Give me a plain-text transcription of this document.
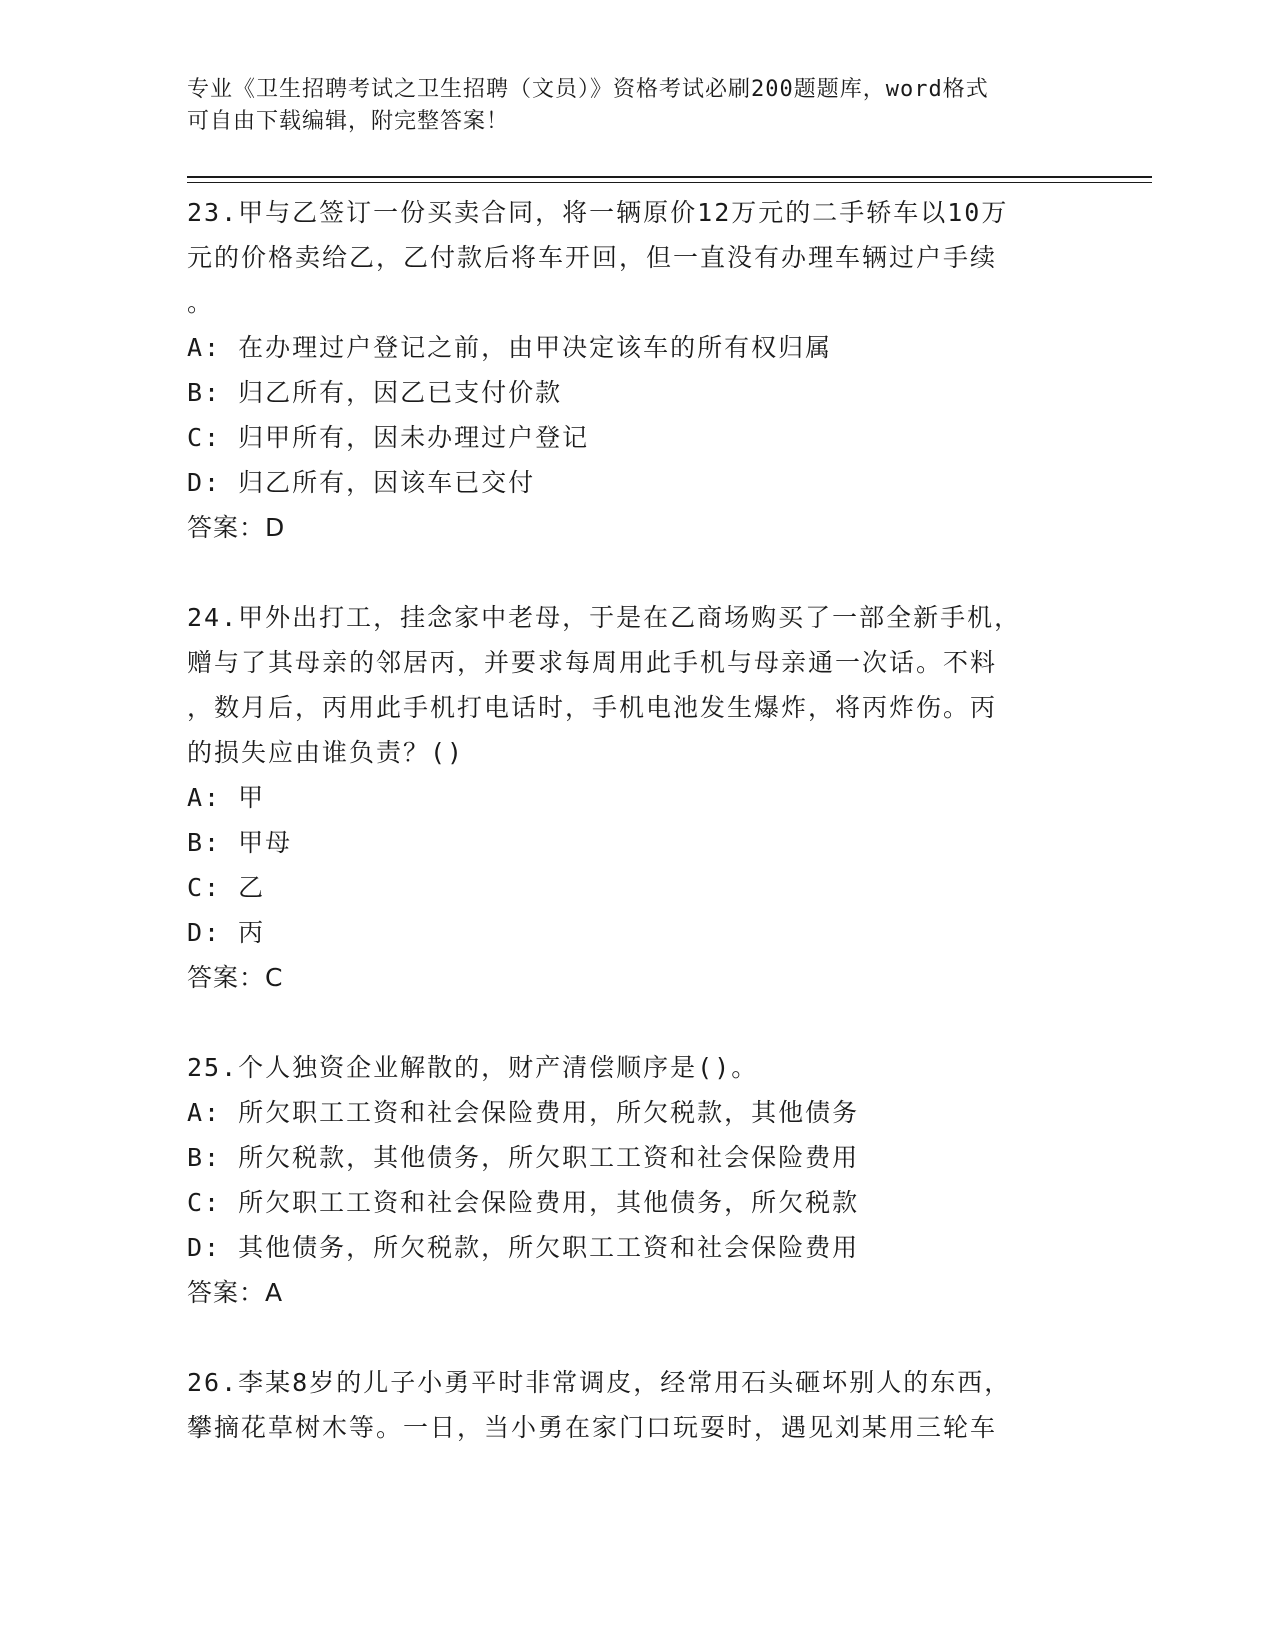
专业《卫生招聘考试之卫生招聘（文员）》资格考试必刷200题题库，word格式
可自由下载编辑，附完整答案！
23.甲与乙签订一份买卖合同，将一辆原价12万元的二手轿车以10万
元的价格卖给乙，乙付款后将车开回，但一直没有办理车辆过户手续
。
A: 在办理过户登记之前，由甲决定该车的所有权归属
B: 归乙所有，因乙已支付价款
C: 归甲所有，因未办理过户登记
D: 归乙所有，因该车已交付
答案：D
24.甲外出打工，挂念家中老母，于是在乙商场购买了一部全新手机，
赠与了其母亲的邻居丙，并要求每周用此手机与母亲通一次话。不料
，数月后，丙用此手机打电话时，手机电池发生爆炸，将丙炸伤。丙
的损失应由谁负责？()
A: 甲
B: 甲母
C: 乙
D: 丙
答案：C
25.个人独资企业解散的，财产清偿顺序是()。
A: 所欠职工工资和社会保险费用，所欠税款，其他债务
B: 所欠税款，其他债务，所欠职工工资和社会保险费用
C: 所欠职工工资和社会保险费用，其他债务，所欠税款
D: 其他债务，所欠税款，所欠职工工资和社会保险费用
答案：A
26.李某8岁的儿子小勇平时非常调皮，经常用石头砸坏别人的东西，
攀摘花草树木等。一日，当小勇在家门口玩耍时，遇见刘某用三轮车
